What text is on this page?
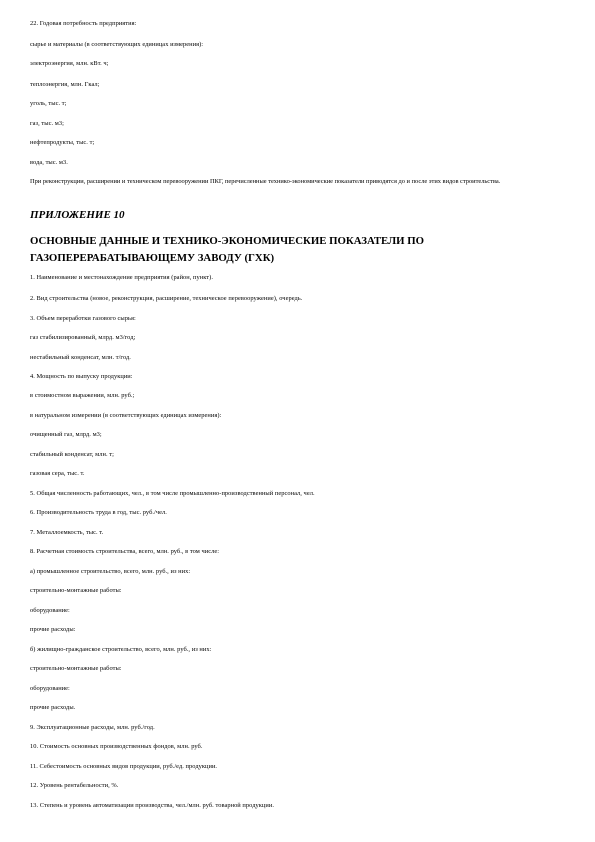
22. Годовая потребность предприятия:
сырье и материалы (в соответствующих единицах измерения):
электроэнергия, млн. кВт. ч;
теплоэнергия, млн. Гкал;
уголь, тыс. т;
газ, тыс. м3;
нефтепродукты, тыс. т;
вода, тыс. м3.
При реконструкции, расширении и техническом перевооружении ПКГ, перечисленные технико-экономические показатели приводятся до и после этих видов строительства.
ПРИЛОЖЕНИЕ 10
ОСНОВНЫЕ ДАННЫЕ И ТЕХНИКО-ЭКОНОМИЧЕСКИЕ ПОКАЗАТЕЛИ ПО ГАЗОПЕРЕРАБАТЫВАЮЩЕМУ ЗАВОДУ (ГХК)
1. Наименование и местонахождение предприятия (район, пункт).
2. Вид строительства (новое, реконструкция, расширение, техническое перевооружение), очередь.
3. Объем переработки газового сырья:
газ стабилизированный, млрд. м3/год;
нестабильный конденсат, млн. т/год.
4. Мощность по выпуску продукции:
в стоимостном выражении, млн. руб.;
в натуральном измерении (в соответствующих единицах измерения):
очищенный газ, млрд. м3;
стабильный конденсат, млн. т;
газовая сера, тыс. т.
5. Общая численность работающих, чел., в том числе промышленно-производственный персонал, чел.
6. Производительность труда в год, тыс. руб./чел.
7. Металлоемкость, тыс. т.
8. Расчетная стоимость строительства, всего, млн. руб., в том числе:
а) промышленное строительство, всего, млн. руб., из них:
строительно-монтажные работы:
оборудование:
прочие расходы:
б) жилищно-гражданское строительство, всего, млн. руб., из них:
строительно-монтажные работы:
оборудование:
прочие расходы.
9. Эксплуатационные расходы, млн. руб./год.
10. Стоимость основных производственных фондов, млн. руб.
11. Себестоимость основных видов продукции, руб./ед. продукции.
12. Уровень рентабельности, %.
13. Степень и уровень автоматизации производства, чел./млн. руб. товарной продукции.
